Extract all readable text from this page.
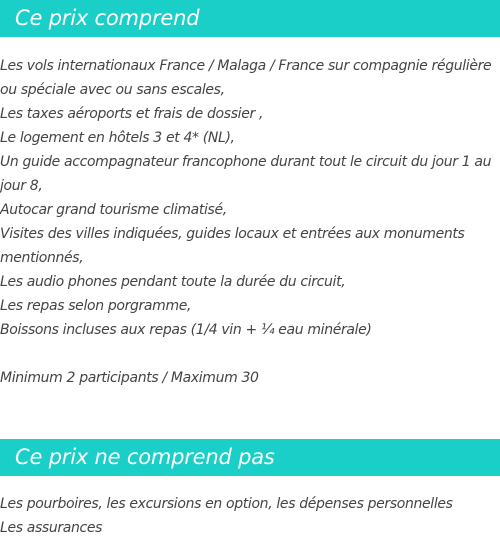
Ce prix comprend
Les vols internationaux France / Malaga / France sur compagnie régulière ou spéciale avec ou sans escales,
Les taxes aéroports et frais de dossier ,
Le logement en hôtels 3 et 4* (NL),
Un guide accompagnateur francophone durant tout le circuit du jour 1 au jour 8,
Autocar grand tourisme climatisé,
Visites des villes indiquées, guides locaux et entrées aux monuments mentionnés,
Les audio phones pendant toute la durée du circuit,
Les repas selon porgramme,
Boissons incluses aux repas (1/4 vin + ¼ eau minérale)
Minimum 2 participants / Maximum 30
Ce prix ne comprend pas
Les pourboires, les excursions en option, les dépenses personnelles
Les assurances
